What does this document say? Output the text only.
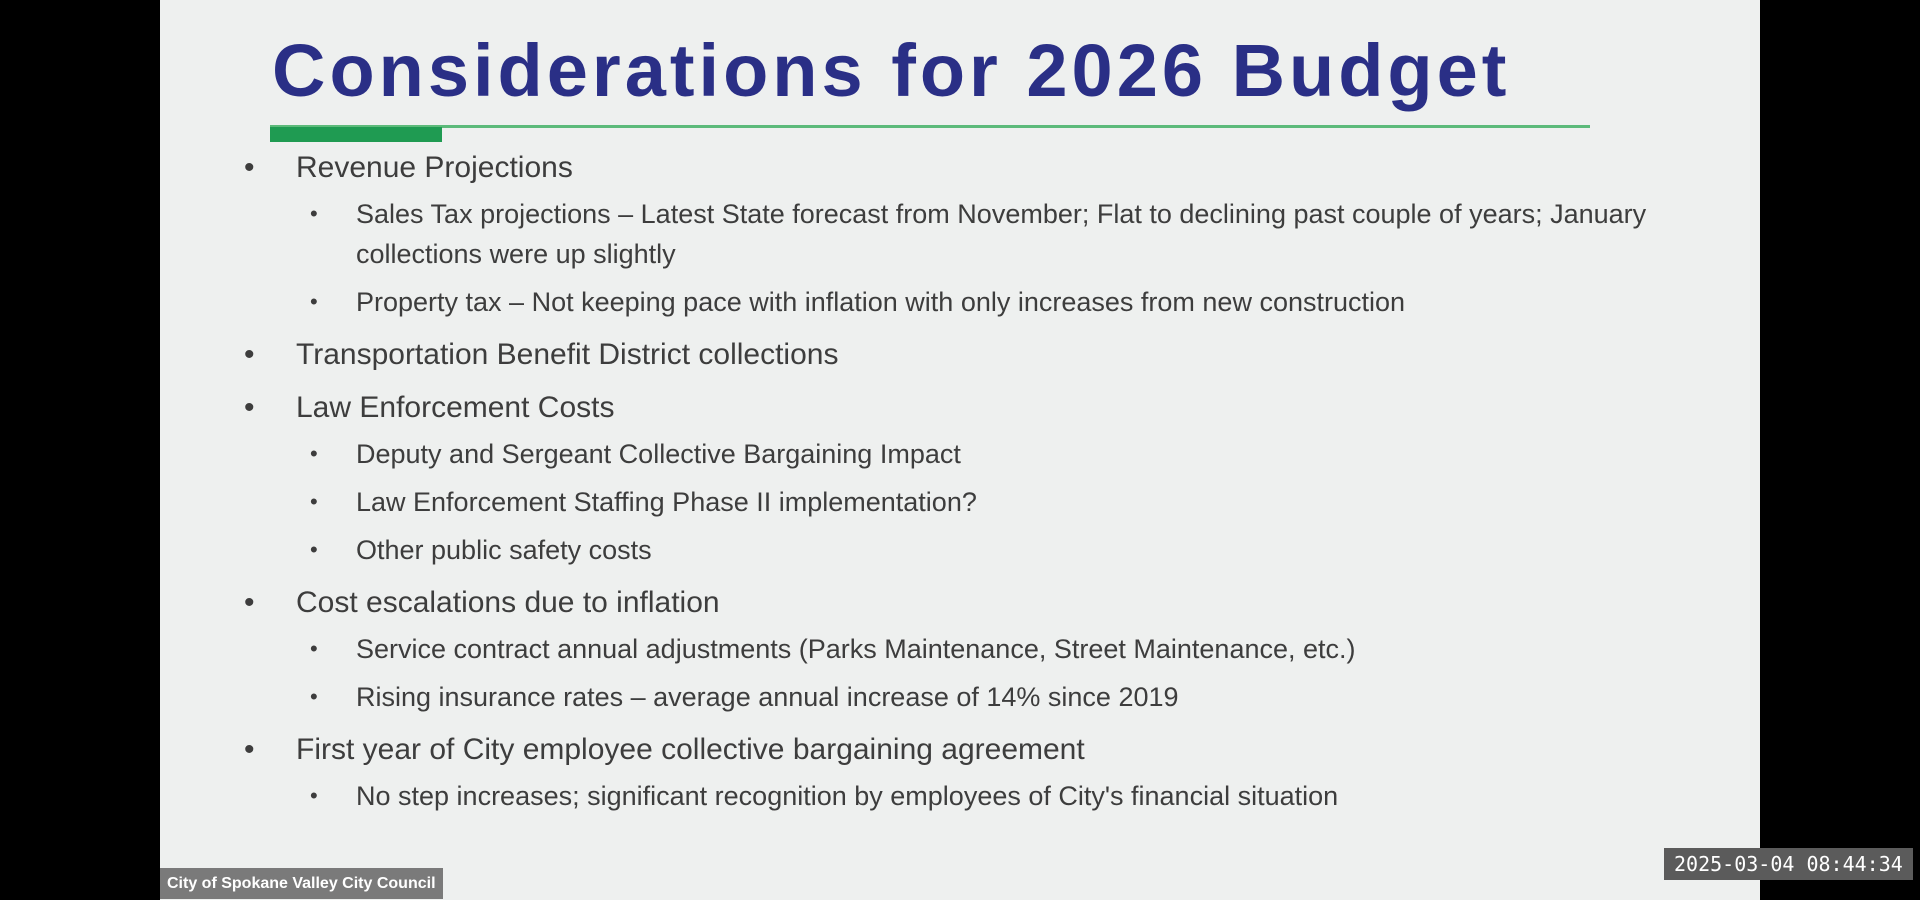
Considerations for 2026 Budget
•	Revenue Projections
•	Sales Tax projections – Latest State forecast from November; Flat to declining past couple of years; January collections were up slightly
•	Property tax – Not keeping pace with inflation with only increases from new construction
•	Transportation Benefit District collections
•	Law Enforcement Costs
•	Deputy and Sergeant Collective Bargaining Impact
•	Law Enforcement Staffing Phase II implementation?
•	Other public safety costs
•	Cost escalations due to inflation
•	Service contract annual adjustments (Parks Maintenance, Street Maintenance, etc.)
•	Rising insurance rates – average annual increase of 14% since 2019
•	First year of City employee collective bargaining agreement
•	No step increases; significant recognition by employees of City's financial situation
City of Spokane Valley City Council
2025-03-04 08:44:34
